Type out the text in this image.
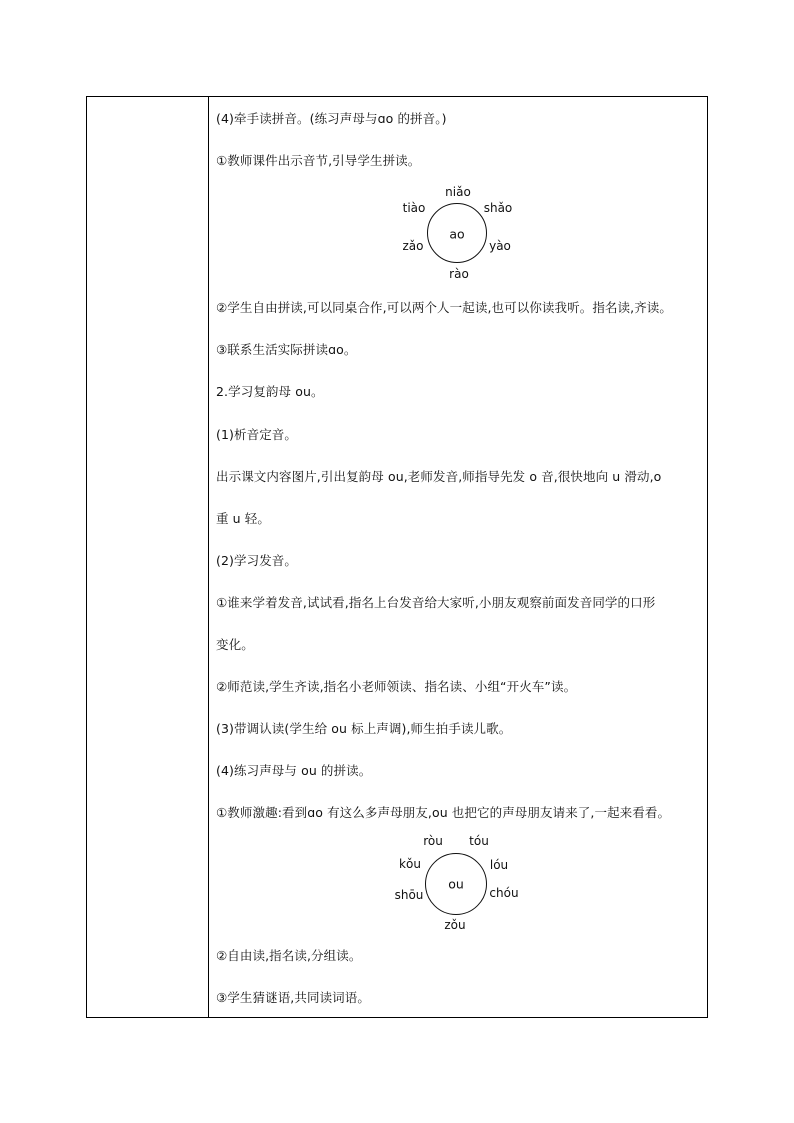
(4)牵手读拼音。(练习声母与ɑo 的拼音。)
①教师课件出示音节,引导学生拼读。
ao
niǎo
shǎo
yào
rào
zǎo
tiào
②学生自由拼读,可以同桌合作,可以两个人一起读,也可以你读我听。指名读,齐读。
③联系生活实际拼读ɑo。
2.学习复韵母 ou。
(1)析音定音。
出示课文内容图片,引出复韵母 ou,老师发音,师指导先发 o 音,很快地向 u 滑动,o
重 u 轻。
(2)学习发音。
①谁来学着发音,试试看,指名上台发音给大家听,小朋友观察前面发音同学的口形
变化。
②师范读,学生齐读,指名小老师领读、指名读、小组“开火车”读。
(3)带调认读(学生给 ou 标上声调),师生拍手读儿歌。
(4)练习声母与 ou 的拼读。
①教师激趣:看到ɑo 有这么多声母朋友,ou 也把它的声母朋友请来了,一起来看看。
ou
tóu
lóu
chóu
zǒu
shōu
kǒu
ròu
②自由读,指名读,分组读。
③学生猜谜语,共同读词语。
